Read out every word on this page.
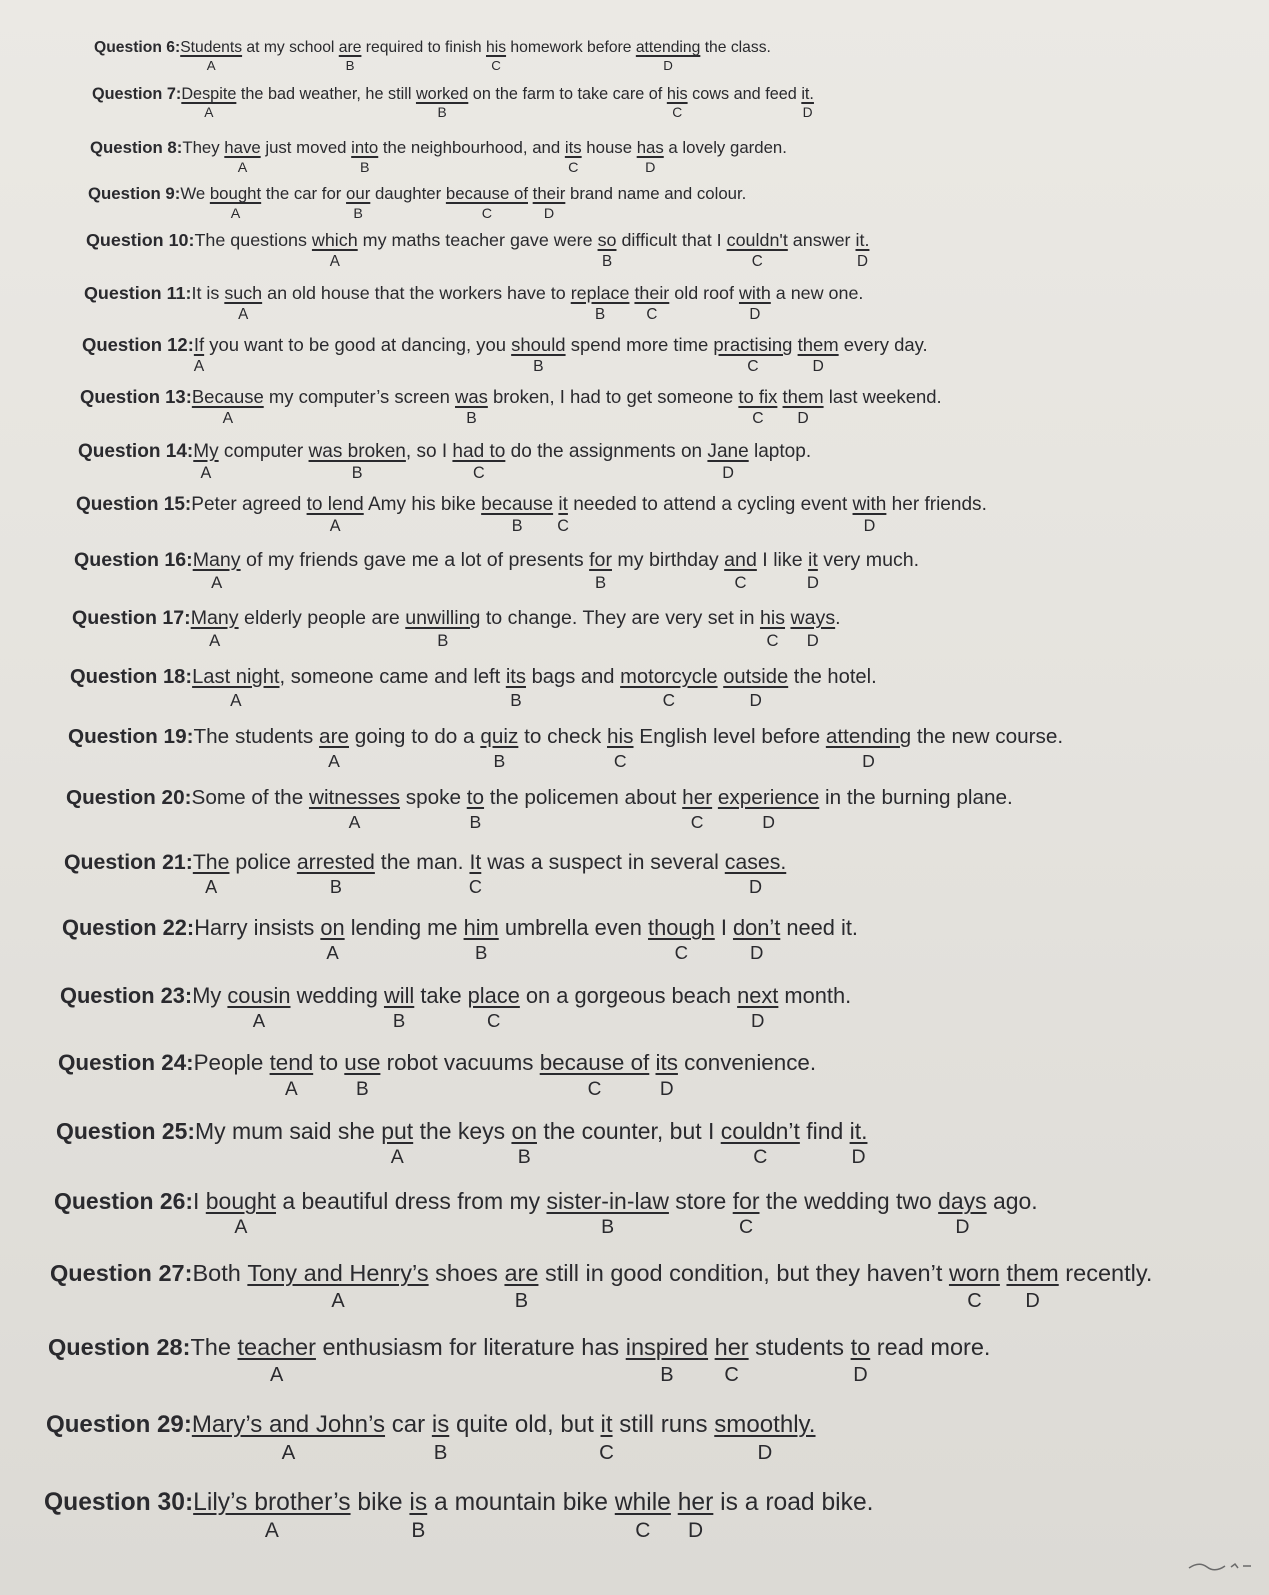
Question 6:Students
A
at my school are
B
required to finish his
C
homework before attending
D
the class.
Question 7:Despite
A
the bad weather, he still worked
B
on the farm to take care of his
C
cows and feed $\frac{it.}{D}$
Question 8:They have
A
just moved into
B
the neighbourhood, and its
C
house has
D
a lovely garden.
Question 9:We bought
A
the car for our
B
daughter because of
C
their
D
brand name and colour.
Question 10:The questions which
A
my maths teacher gave were $\frac{so}{B}$ difficult that I couldn't
C
answer $\frac{it.}{D}$
Question 11:It is such
A
an old house that the workers have to replace
B
their
C
old roof with
D
a new one.
Question $12:\frac{If}{A}$ you want to be good at dancing, you should
B
spend more time practising
C
them
D
every day.
Question 13:Because
A
my computer’s screen was
B
broken, I had to get someone to fix
C
them
D
last weekend.
Question $14:\frac{My}{A}$ computer was broken
B
, so I had to
C
do the assignments on Jane
D
laptop.
Question 15:Peter agreed to lend
A
Amy his bike because
B
$\frac{it}{C}$ needed to attend a cycling event with
D
her friends.
Question 16:Many
A
of my friends gave me a lot of presents for
B
my birthday and
C
I like $\frac{it}{D}$ very much.
Question 17:Many
A
elderly people are unwilling
B
to change. They are very set in his
C
ways
D
.
Question 18:Last night
A
, someone came and left its
B
bags and motorcycle
C
outside
D
the hotel.
Question 19:The students are
A
going to do a quiz
B
to check his
C
English level before attending
D
the new course.
Question 20:Some of the witnesses
A
spoke $\frac{to}{B}$ the policemen about her
C
experience
D
in the burning plane.
Question 21:The
A
police arrested
B
the man. $\frac{It}{C}$ was a suspect in several cases.
D
Question 22:Harry insists $\frac{on}{A}$ lending me him
B
umbrella even though
C
I don’t
D
need it.
Question 23:My cousin
A
wedding will
B
take place
C
on a gorgeous beach next
D
month.
Question 24:People tend
A
to use
B
robot vacuums because of
C
its
D
convenience.
Question 25:My mum said she put
A
the keys $\frac{on}{B}$ the counter, but I couldn’t
C
find $\frac{it.}{D}$
Question 26:I bought
A
a beautiful dress from my sister-in-law
B
store for
C
the wedding two days
D
ago.
Question 27:Both Tony and Henry’s
A
shoes are
B
still in good condition, but they haven’t worn
C
them
D
recently.
Question 28:The teacher
A
enthusiasm for literature has inspired
B
her
C
students $\frac{to}{D}$ read more.
Question 29:Mary’s and John’s
A
car $\frac{is}{B}$ quite old, but $\frac{it}{C}$ still runs smoothly.
D
Question 30:Lily’s brother’s
A
bike $\frac{is}{B}$ a mountain bike while
C
her
D
is a road bike.
